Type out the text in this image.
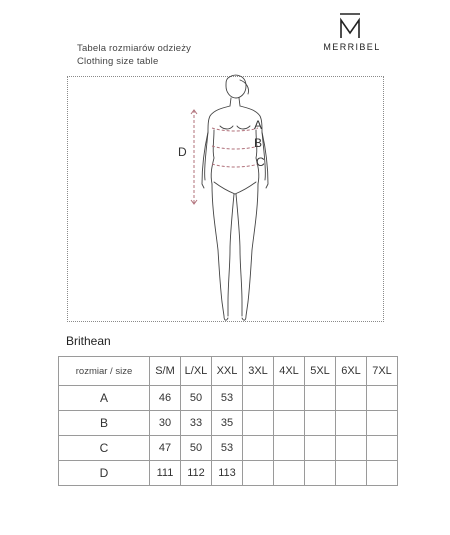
MERRIBEL
Tabela rozmiarów odzieży
Clothing size table
A
B
C
D
Brithean
rozmiar / size	S/M	L/XL	XXL	3XL	4XL	5XL	6XL	7XL
A	46	50	53					
B	30	33	35					
C	47	50	53					
D	111	112	113					
